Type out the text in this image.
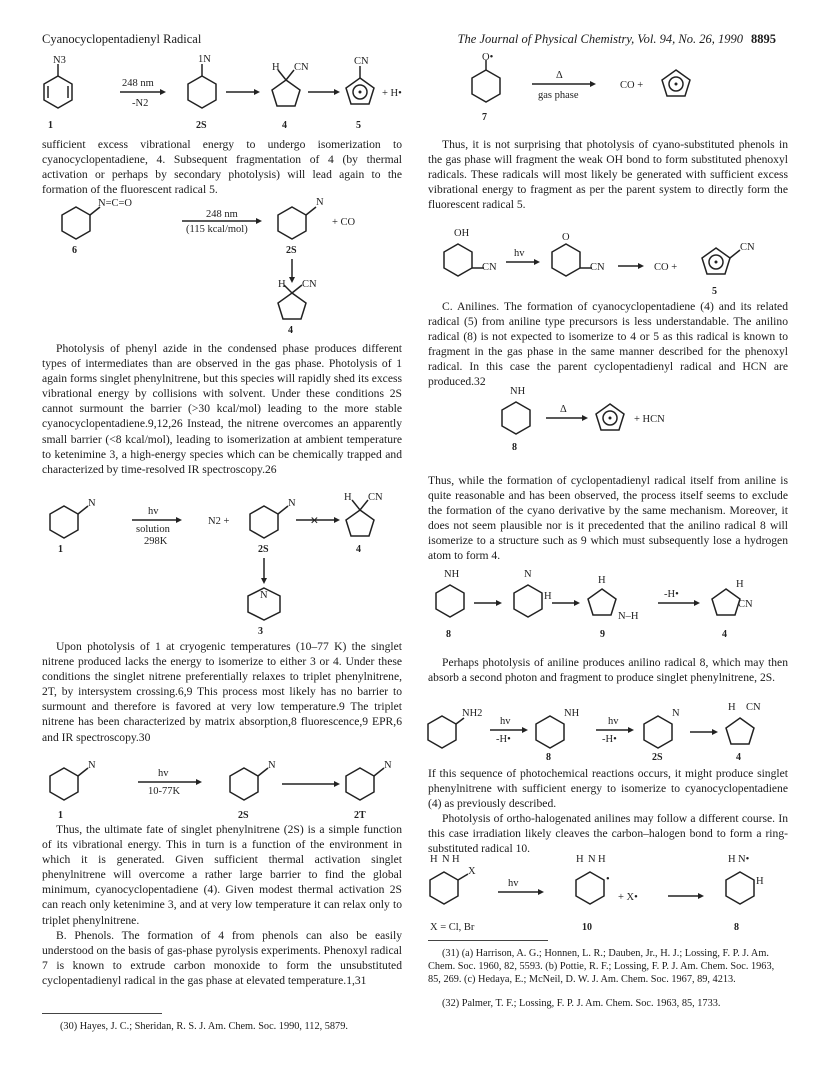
Cyanocyclopentadienyl Radical	The Journal of Physical Chemistry, Vol. 94, No. 26, 1990 8895
N3
248 nm
-N2
1N
H CN
CN
+ H•
1	2S	4	5

sufficient excess vibrational energy to undergo isomerization to cyanocyclopentadiene, 4. Subsequent fragmentation of 4 (by thermal activation or perhaps by secondary photolysis) will lead again to the formation of the fluorescent radical 5.

N=C=O
6
248 nm
(115 kcal/mol)
N
+ CO
2S
H CN
4

Photolysis of phenyl azide in the condensed phase produces different types of intermediates than are observed in the gas phase. Photolysis of 1 again forms singlet phenylnitrene, but this species will rapidly shed its excess vibrational energy by collisions with solvent. Under these conditions 2S cannot surmount the barrier (>30 kcal/mol) leading to the more stable cyanocyclopentadiene.9,12,26 Instead, the nitrene overcomes an apparently small barrier (<8 kcal/mol), leading to isomerization at ambient temperature to ketenimine 3, a high-energy species which can be chemically trapped and characterized by time-resolved IR spectroscopy.26

N
1
hv
solution
298K
N2 +
N
2S
✕
H CN
4
N
3

Upon photolysis of 1 at cryogenic temperatures (10–77 K) the singlet nitrene produced lacks the energy to isomerize to either 3 or 4. Under these conditions the singlet nitrene preferentially relaxes to triplet phenylnitrene, 2T, by intersystem crossing.6,9 This process most likely has no barrier to surmount and therefore is favored at very low temperature.9 The triplet nitrene has been characterized by matrix absorption,8 fluorescence,9 EPR,6 and IR spectroscopy.30

N
1
hv
10-77K
N
2S
N
2T

Thus, the ultimate fate of singlet phenylnitrene (2S) is a simple function of its vibrational energy. This in turn is a function of the environment in which it is generated. Given sufficient thermal activation singlet phenylnitrene will overcome a rather large barrier to find the global minimum, cyanocyclopentadiene (4). Given modest thermal activation 2S can reach only ketenimine 3, and at very low temperature it can relax only to triplet phenylnitrene.

B. Phenols. The formation of 4 from phenols can also be easily understood on the basis of gas-phase pyrolysis experiments. Phenoxyl radical 7 is known to extrude carbon monoxide to form the unsubstituted cyclopentadienyl radical in the gas phase at elevated temperature.1,31

(30) Hayes, J. C.; Sheridan, R. S. J. Am. Chem. Soc. 1990, 112, 5879.
O•
7
Δ
gas phase
CO +

Thus, it is not surprising that photolysis of cyano-substituted phenols in the gas phase will fragment the weak OH bond to form substituted phenoxyl radicals. These radicals will most likely be generated with sufficient excess vibrational energy to fragment as per the parent system to directly form the fluorescent radical 5.

OH
CN
hv
O
CN	CO +
CN
5

C. Anilines. The formation of cyanocyclopentadiene (4) and its related radical (5) from aniline type precursors is less understandable. The anilino radical (8) is not expected to isomerize to 4 or 5 as this radical is known to fragment in the gas phase in the same manner described for the phenoxyl radical. In this case the parent cyclopentadienyl radical and HCN are produced.32

NH
8
Δ
+ HCN

Thus, while the formation of cyclopentadienyl radical itself from aniline is quite reasonable and has been observed, the process itself seems to exclude the formation of the cyano derivative by the same mechanism. Moreover, it does not seem plausible nor is it precedented that the anilino radical 8 will isomerize to a structure such as 9 which must subsequently lose a hydrogen atom to form 4.

NH
8
N
H
H
N–H
9
-H•
H
CN
4

Perhaps photolysis of aniline produces anilino radical 8, which may then absorb a second photon and fragment to produce singlet phenylnitrene, 2S.

NH2
hv
-H•
NH
8
hv
-H•
N
2S
H CN
4

If this sequence of photochemical reactions occurs, it might produce singlet phenylnitrene with sufficient energy to isomerize to cyanocyclopentadiene (4) as previously described.

Photolysis of ortho-halogenated anilines may follow a different course. In this case irradiation likely cleaves the carbon–halogen bond to form a ring-substituted radical 10.

H N H
X
X = Cl, Br
hv
H N H
•
+ X•
10
H N•
H
8
(31) (a) Harrison, A. G.; Honnen, L. R.; Dauben, Jr., H. J.; Lossing, F. P. J. Am. Chem. Soc. 1960, 82, 5593. (b) Pottie, R. F.; Lossing, F. P. J. Am. Chem. Soc. 1963, 85, 269. (c) Hedaya, E.; McNeil, D. W. J. Am. Chem. Soc. 1967, 89, 4213.
(32) Palmer, T. F.; Lossing, F. P. J. Am. Chem. Soc. 1963, 85, 1733.
